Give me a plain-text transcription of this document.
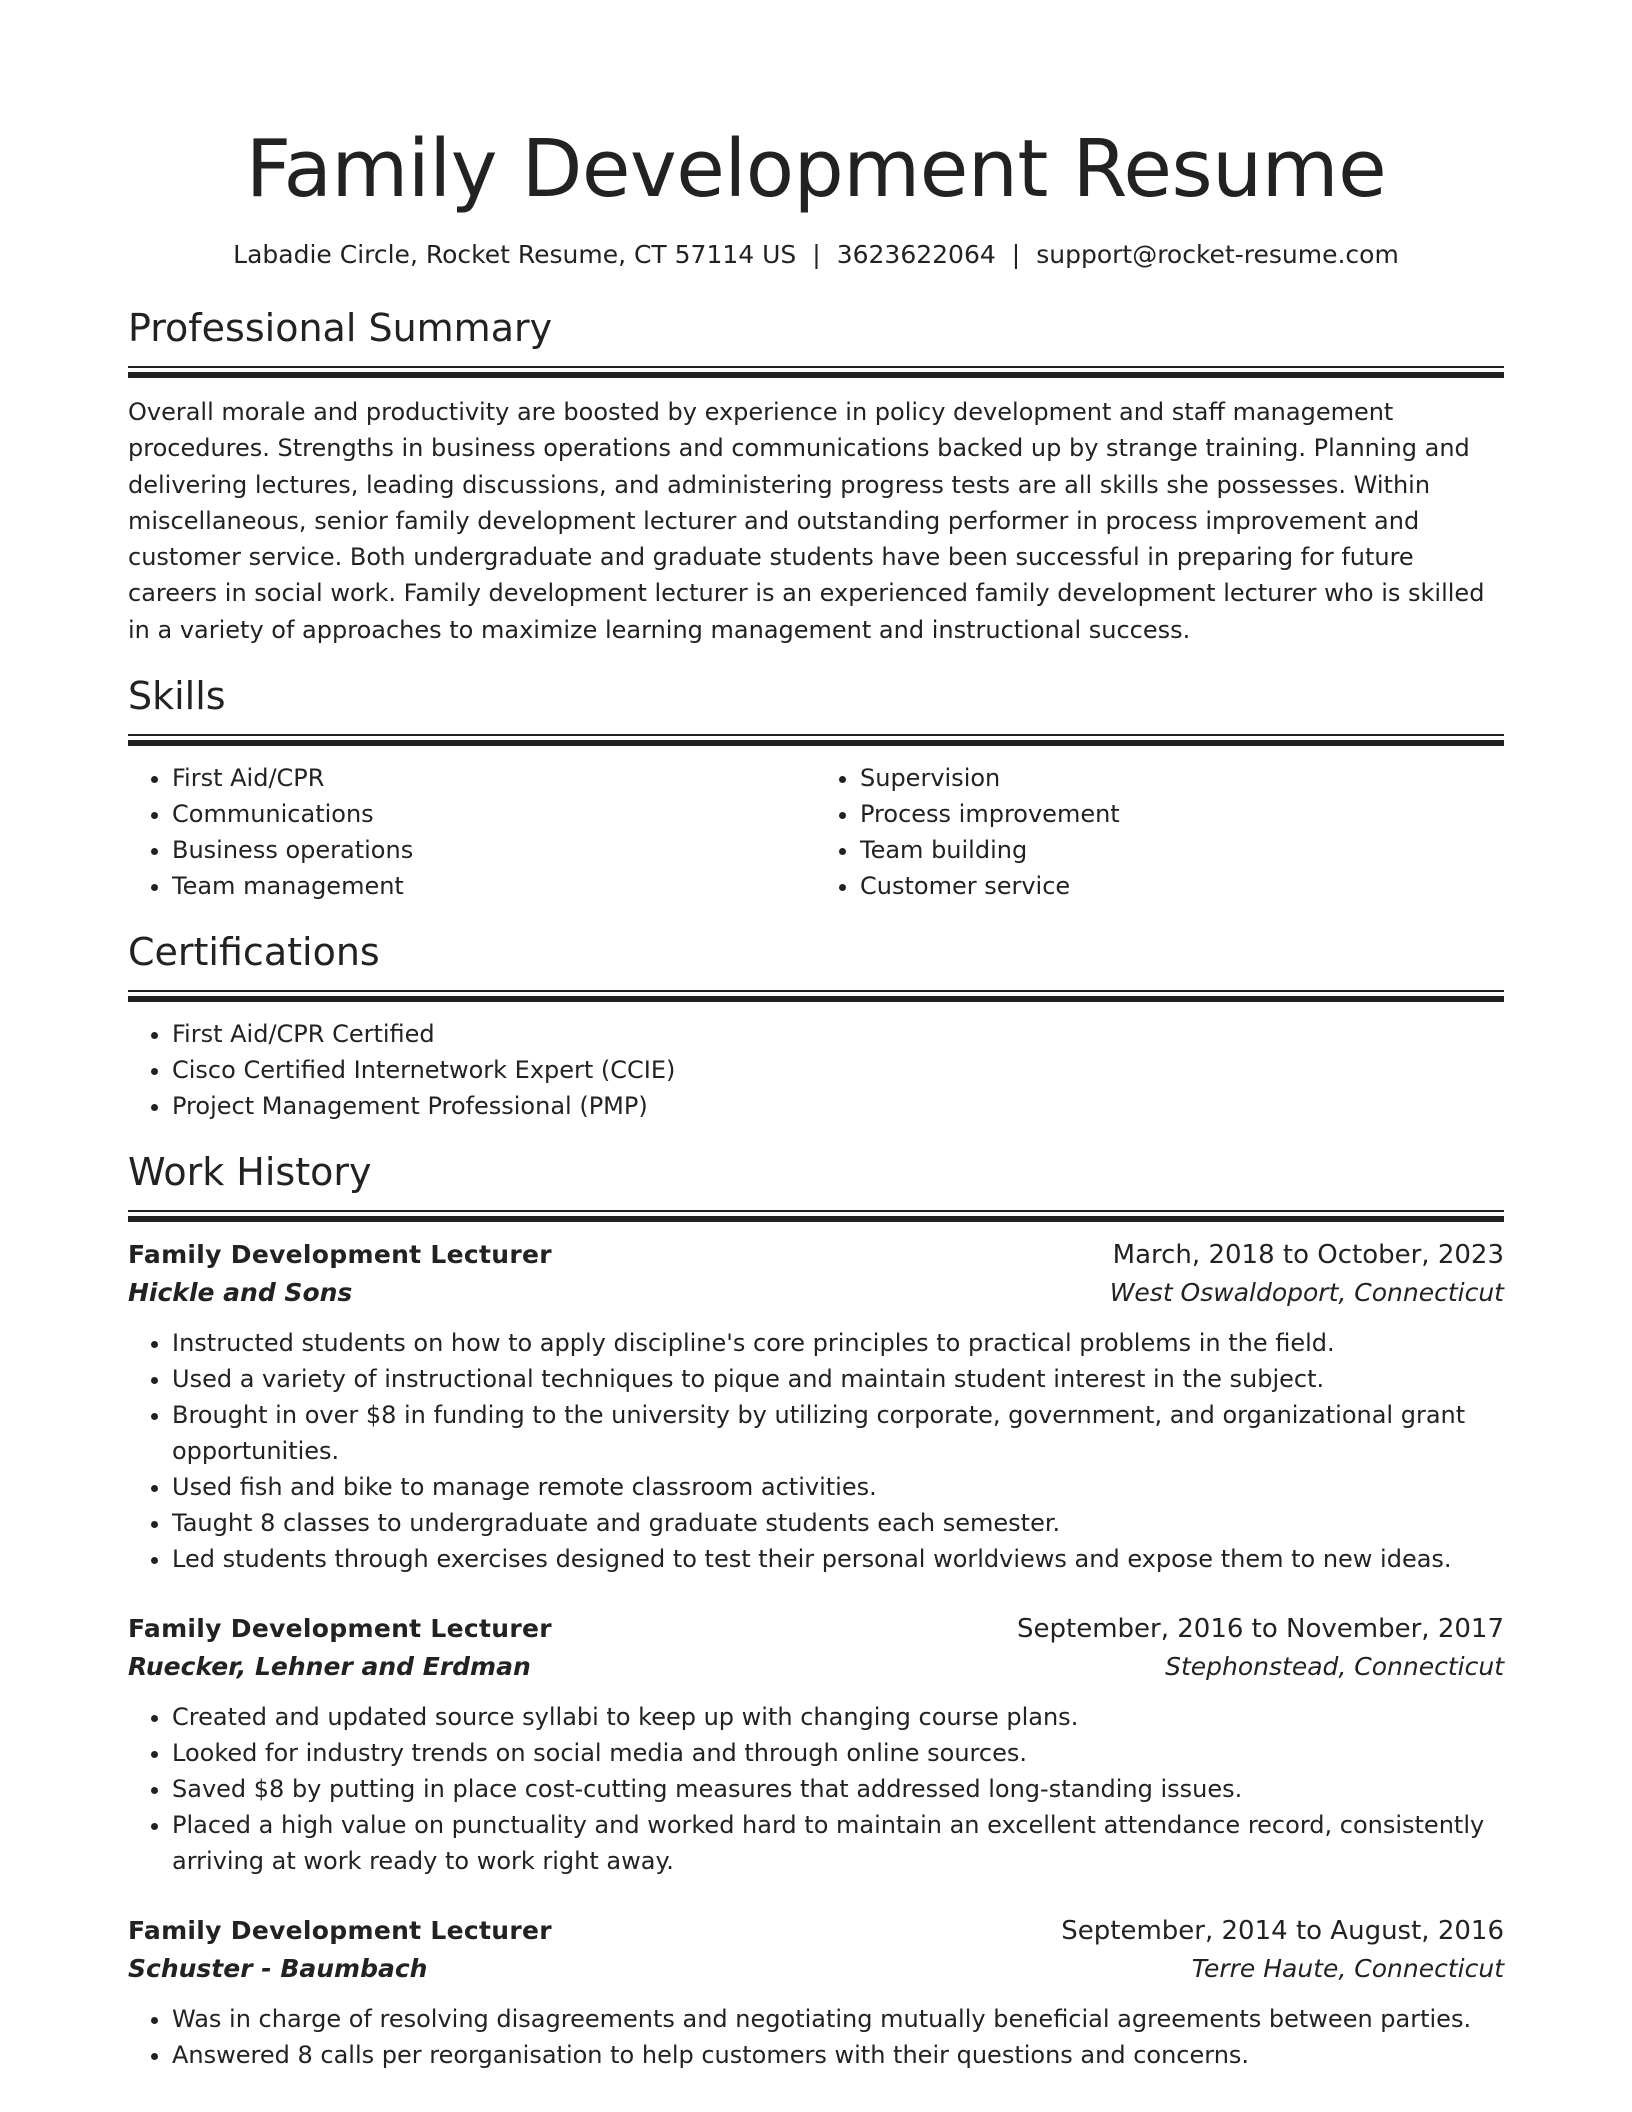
Family Development Resume
Labadie Circle, Rocket Resume, CT 57114 US | 3623622064 | support@rocket-resume.com
Professional Summary

Overall morale and productivity are boosted by experience in policy development and staff management procedures. Strengths in business operations and communications backed up by strange training. Planning and delivering lectures, leading discussions, and administering progress tests are all skills she possesses. Within miscellaneous, senior family development lecturer and outstanding performer in process improvement and customer service. Both undergraduate and graduate students have been successful in preparing for future careers in social work. Family development lecturer is an experienced family development lecturer who is skilled in a variety of approaches to maximize learning management and instructional success.

Skills
• First Aid/CPR
• Communications
• Business operations
• Team management
• Supervision
• Process improvement
• Team building
• Customer service
Certifications
• First Aid/CPR Certified
• Cisco Certified Internetwork Expert (CCIE)
• Project Management Professional (PMP)
Work History
Family Development Lecturer	March, 2018 to October, 2023
Hickle and Sons	West Oswaldoport, Connecticut
• Instructed students on how to apply discipline's core principles to practical problems in the field.
• Used a variety of instructional techniques to pique and maintain student interest in the subject.
• Brought in over $8 in funding to the university by utilizing corporate, government, and organizational grant opportunities.
• Used fish and bike to manage remote classroom activities.
• Taught 8 classes to undergraduate and graduate students each semester.
• Led students through exercises designed to test their personal worldviews and expose them to new ideas.
Family Development Lecturer	September, 2016 to November, 2017
Ruecker, Lehner and Erdman	Stephonstead, Connecticut
• Created and updated source syllabi to keep up with changing course plans.
• Looked for industry trends on social media and through online sources.
• Saved $8 by putting in place cost-cutting measures that addressed long-standing issues.
• Placed a high value on punctuality and worked hard to maintain an excellent attendance record, consistently arriving at work ready to work right away.
Family Development Lecturer	September, 2014 to August, 2016
Schuster - Baumbach	Terre Haute, Connecticut
• Was in charge of resolving disagreements and negotiating mutually beneficial agreements between parties.
• Answered 8 calls per reorganisation to help customers with their questions and concerns.
